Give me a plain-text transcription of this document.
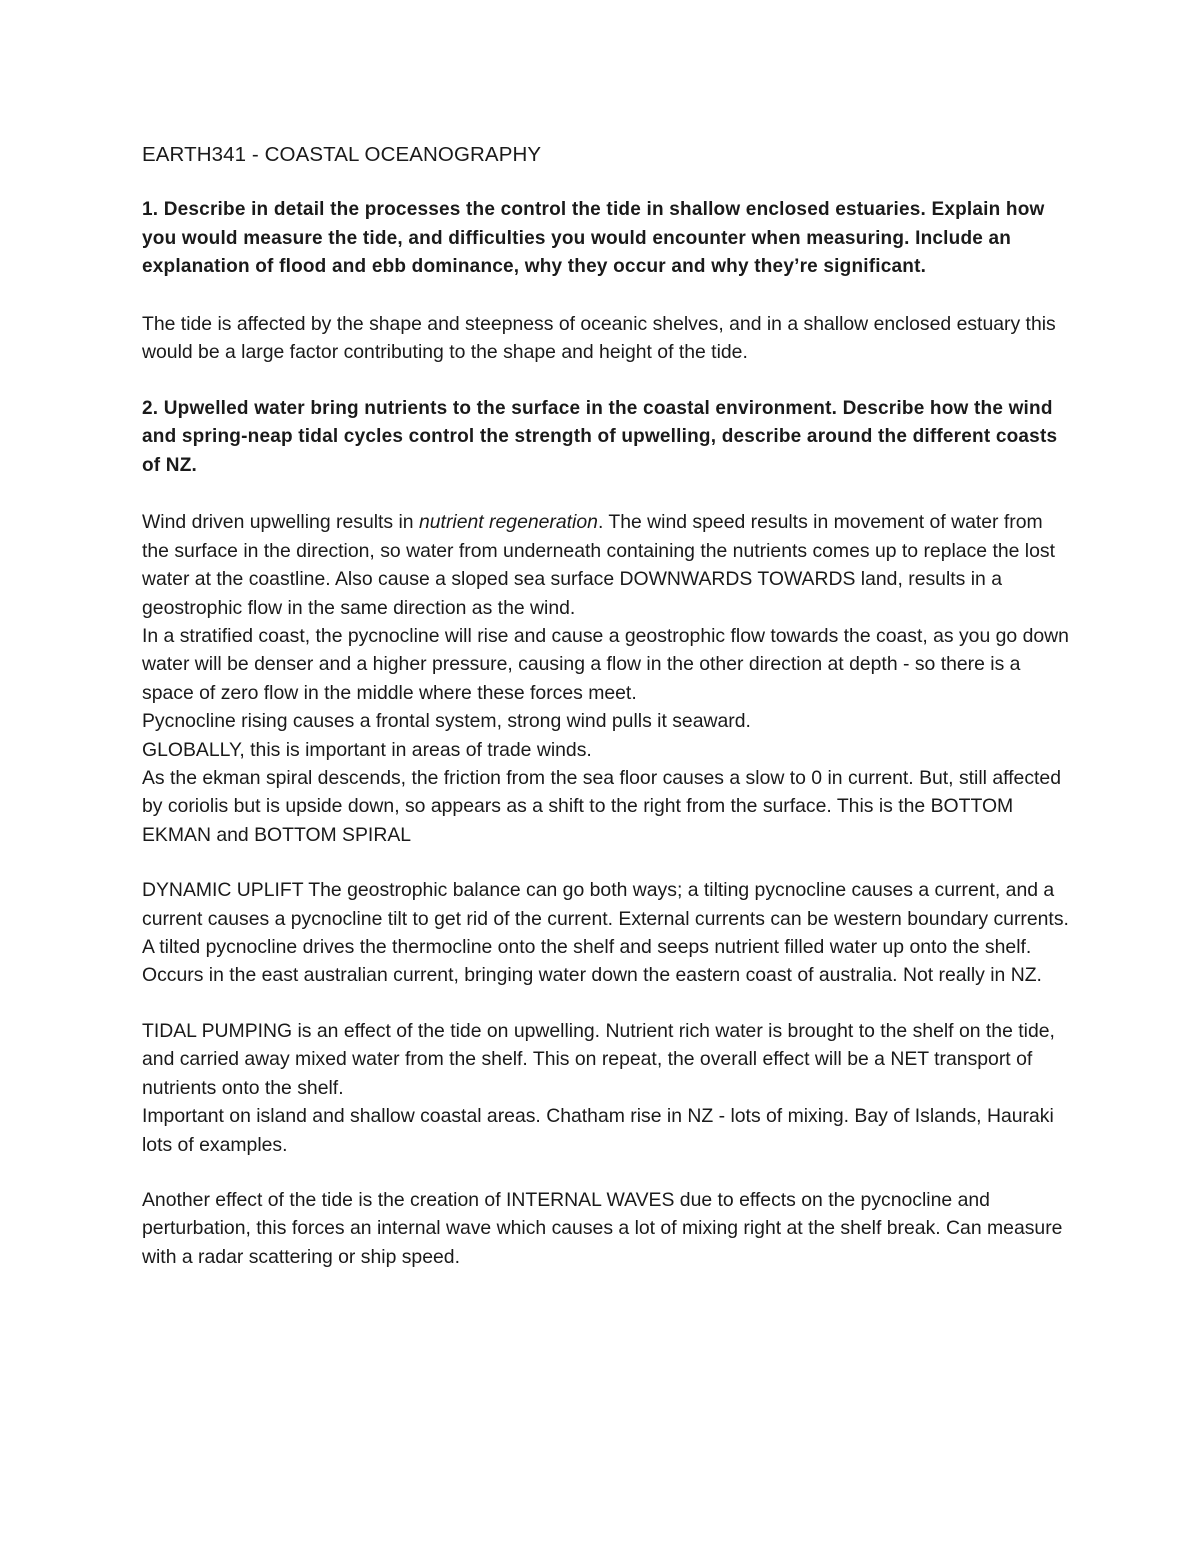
EARTH341 - COASTAL OCEANOGRAPHY
1. Describe in detail the processes the control the tide in shallow enclosed estuaries. Explain how you would measure the tide, and difficulties you would encounter when measuring. Include an explanation of flood and ebb dominance, why they occur and why they’re significant.

The tide is affected by the shape and steepness of oceanic shelves, and in a shallow enclosed estuary this would be a large factor contributing to the shape and height of the tide.

2. Upwelled water bring nutrients to the surface in the coastal environment. Describe how the wind and spring-neap tidal cycles control the strength of upwelling, describe around the different coasts of NZ.

Wind driven upwelling results in nutrient regeneration. The wind speed results in movement of water from the surface in the direction, so water from underneath containing the nutrients comes up to replace the lost water at the coastline. Also cause a sloped sea surface DOWNWARDS TOWARDS land, results in a geostrophic flow in the same direction as the wind.

In a stratified coast, the pycnocline will rise and cause a geostrophic flow towards the coast, as you go down water will be denser and a higher pressure, causing a flow in the other direction at depth - so there is a space of zero flow in the middle where these forces meet.

Pycnocline rising causes a frontal system, strong wind pulls it seaward.

GLOBALLY, this is important in areas of trade winds.

As the ekman spiral descends, the friction from the sea floor causes a slow to 0 in current. But, still affected by coriolis but is upside down, so appears as a shift to the right from the surface. This is the BOTTOM EKMAN and BOTTOM SPIRAL

DYNAMIC UPLIFT The geostrophic balance can go both ways; a tilting pycnocline causes a current, and a current causes a pycnocline tilt to get rid of the current. External currents can be western boundary currents. A tilted pycnocline drives the thermocline onto the shelf and seeps nutrient filled water up onto the shelf.

Occurs in the east australian current, bringing water down the eastern coast of australia. Not really in NZ.

TIDAL PUMPING is an effect of the tide on upwelling. Nutrient rich water is brought to the shelf on the tide, and carried away mixed water from the shelf. This on repeat, the overall effect will be a NET transport of nutrients onto the shelf.

Important on island and shallow coastal areas. Chatham rise in NZ - lots of mixing. Bay of Islands, Hauraki lots of examples.

Another effect of the tide is the creation of INTERNAL WAVES due to effects on the pycnocline and perturbation, this forces an internal wave which causes a lot of mixing right at the shelf break. Can measure with a radar scattering or ship speed.
